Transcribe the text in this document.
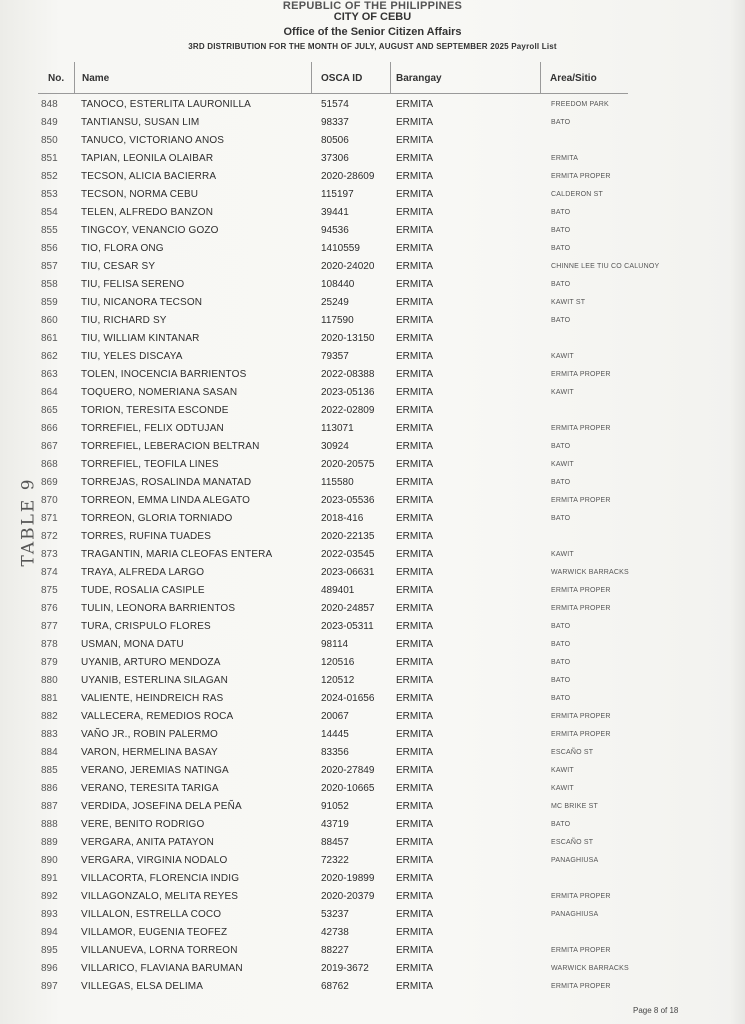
REPUBLIC OF THE PHILIPPINES
CITY OF CEBU
Office of the Senior Citizen Affairs
3RD DISTRIBUTION FOR THE MONTH OF JULY, AUGUST AND SEPTEMBER 2025 Payroll List
No. Name	OSCA ID	Barangay	Area/Sitio
848	TANOCO, ESTERLITA LAURONILLA	51574	ERMITA	FREEDOM PARK
849	TANTIANSU, SUSAN LIM	98337	ERMITA	BATO
850	TANUCO, VICTORIANO ANOS	80506	ERMITA
851	TAPIAN, LEONILA OLAIBAR	37306	ERMITA	ERMITA
852	TECSON, ALICIA BACIERRA	2020-28609 ERMITA	ERMITA PROPER
853	TECSON, NORMA CEBU	115197	ERMITA	CALDERON ST
854	TELEN, ALFREDO BANZON	39441	ERMITA	BATO
855	TINGCOY, VENANCIO GOZO	94536	ERMITA	BATO
856	TIO, FLORA ONG	1410559	ERMITA	BATO
857	TIU, CESAR SY	2020-24020 ERMITA	CHINNE LEE TIU CO CALUNOY
858	TIU, FELISA SERENO	108440	ERMITA	BATO
859	TIU, NICANORA TECSON	25249	ERMITA	KAWIT ST
860	TIU, RICHARD SY	117590	ERMITA	BATO
861	TIU, WILLIAM KINTANAR	2020-13150 ERMITA
862	TIU, YELES DISCAYA	79357	ERMITA	KAWIT
863	TOLEN, INOCENCIA BARRIENTOS	2022-08388 ERMITA	ERMITA PROPER
864	TOQUERO, NOMERIANA SASAN	2023-05136 ERMITA	KAWIT
865	TORION, TERESITA ESCONDE	2022-02809 ERMITA
866	TORREFIEL, FELIX ODTUJAN	113071	ERMITA	ERMITA PROPER
867	TORREFIEL, LEBERACION BELTRAN	30924	ERMITA	BATO
868	TORREFIEL, TEOFILA LINES	2020-20575 ERMITA	KAWIT
869	TORREJAS, ROSALINDA MANATAD	115580	ERMITA	BATO
870	TORREON, EMMA LINDA ALEGATO	2023-05536 ERMITA	ERMITA PROPER
871	TORREON, GLORIA TORNIADO	2018-416	ERMITA	BATO
872	TORRES, RUFINA TUADES	2020-22135 ERMITA
873	TRAGANTIN, MARIA CLEOFAS ENTERA	2022-03545 ERMITA	KAWIT
874	TRAYA, ALFREDA LARGO	2023-06631 ERMITA	WARWICK BARRACKS
875	TUDE, ROSALIA CASIPLE	489401	ERMITA	ERMITA PROPER
876	TULIN, LEONORA BARRIENTOS	2020-24857 ERMITA	ERMITA PROPER
877	TURA, CRISPULO FLORES	2023-05311 ERMITA	BATO
878	USMAN, MONA DATU	98114	ERMITA	BATO
879	UYANIB, ARTURO MENDOZA	120516	ERMITA	BATO
880	UYANIB, ESTERLINA SILAGAN	120512	ERMITA	BATO
881	VALIENTE, HEINDREICH RAS	2024-01656 ERMITA	BATO
882	VALLECERA, REMEDIOS ROCA	20067	ERMITA	ERMITA PROPER
883	VAÑO JR., ROBIN PALERMO	14445	ERMITA	ERMITA PROPER
884	VARON, HERMELINA BASAY	83356	ERMITA	ESCAÑO ST
885	VERANO, JEREMIAS NATINGA	2020-27849 ERMITA	KAWIT
886	VERANO, TERESITA TARIGA	2020-10665 ERMITA	KAWIT
887	VERDIDA, JOSEFINA DELA PEÑA	91052	ERMITA	MC BRIKE ST
888	VERE, BENITO RODRIGO	43719	ERMITA	BATO
889	VERGARA, ANITA PATAYON	88457	ERMITA	ESCAÑO ST
890	VERGARA, VIRGINIA NODALO	72322	ERMITA	PANAGHIUSA
891	VILLACORTA, FLORENCIA INDIG	2020-19899 ERMITA
892	VILLAGONZALO, MELITA REYES	2020-20379 ERMITA	ERMITA PROPER
893	VILLALON, ESTRELLA COCO	53237	ERMITA	PANAGHIUSA
894	VILLAMOR, EUGENIA TEOFEZ	42738	ERMITA
895	VILLANUEVA, LORNA TORREON	88227	ERMITA	ERMITA PROPER
896	VILLARICO, FLAVIANA BARUMAN	2019-3672	ERMITA	WARWICK BARRACKS
897	VILLEGAS, ELSA DELIMA	68762	ERMITA	ERMITA PROPER
TABLE 9
Page 8 of 18
